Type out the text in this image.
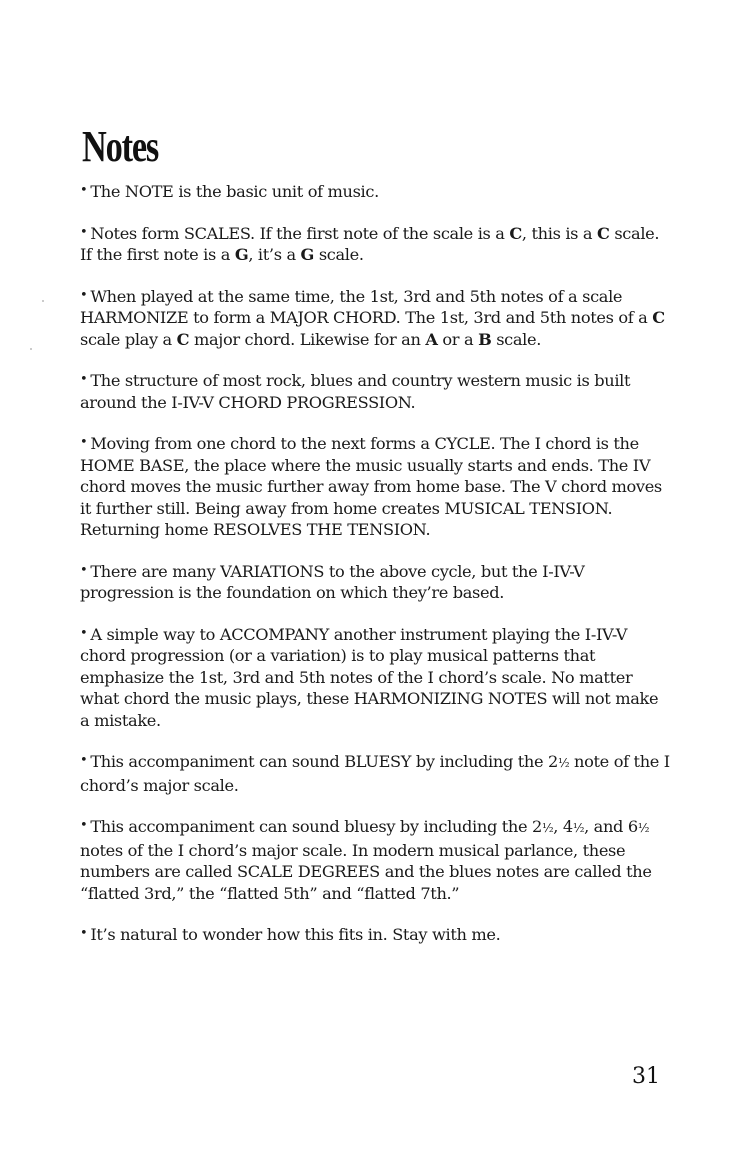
Notes
• The NOTE is the basic unit of music.
• Notes form SCALES. If the first note of the scale is a C, this is a C scale. If the first note is a G, it’s a G scale.
• When played at the same time, the 1st, 3rd and 5th notes of a scale HARMONIZE to form a MAJOR CHORD. The 1st, 3rd and 5th notes of a C scale play a C major chord. Likewise for an A or a B scale.
• The structure of most rock, blues and country western music is built around the I-IV-V CHORD PROGRESSION.
• Moving from one chord to the next forms a CYCLE. The I chord is the HOME BASE, the place where the music usually starts and ends. The IV chord moves the music further away from home base. The V chord moves it further still. Being away from home creates MUSICAL TENSION. Returning home RESOLVES THE TENSION.
• There are many VARIATIONS to the above cycle, but the I-IV-V progression is the foundation on which they’re based.
• A simple way to ACCOMPANY another instrument playing the I-IV-V chord progression (or a variation) is to play musical patterns that emphasize the 1st, 3rd and 5th notes of the I chord’s scale. No matter what chord the music plays, these HARMONIZING NOTES will not make a mistake.
• This accompaniment can sound BLUESY by including the 2½ note of the I chord’s major scale.
• This accompaniment can sound bluesy by including the 2½, 4½, and 6½ notes of the I chord’s major scale. In modern musical parlance, these numbers are called SCALE DEGREES and the blues notes are called the “flatted 3rd,” the “flatted 5th” and “flatted 7th.”
• It’s natural to wonder how this fits in. Stay with me.
31
